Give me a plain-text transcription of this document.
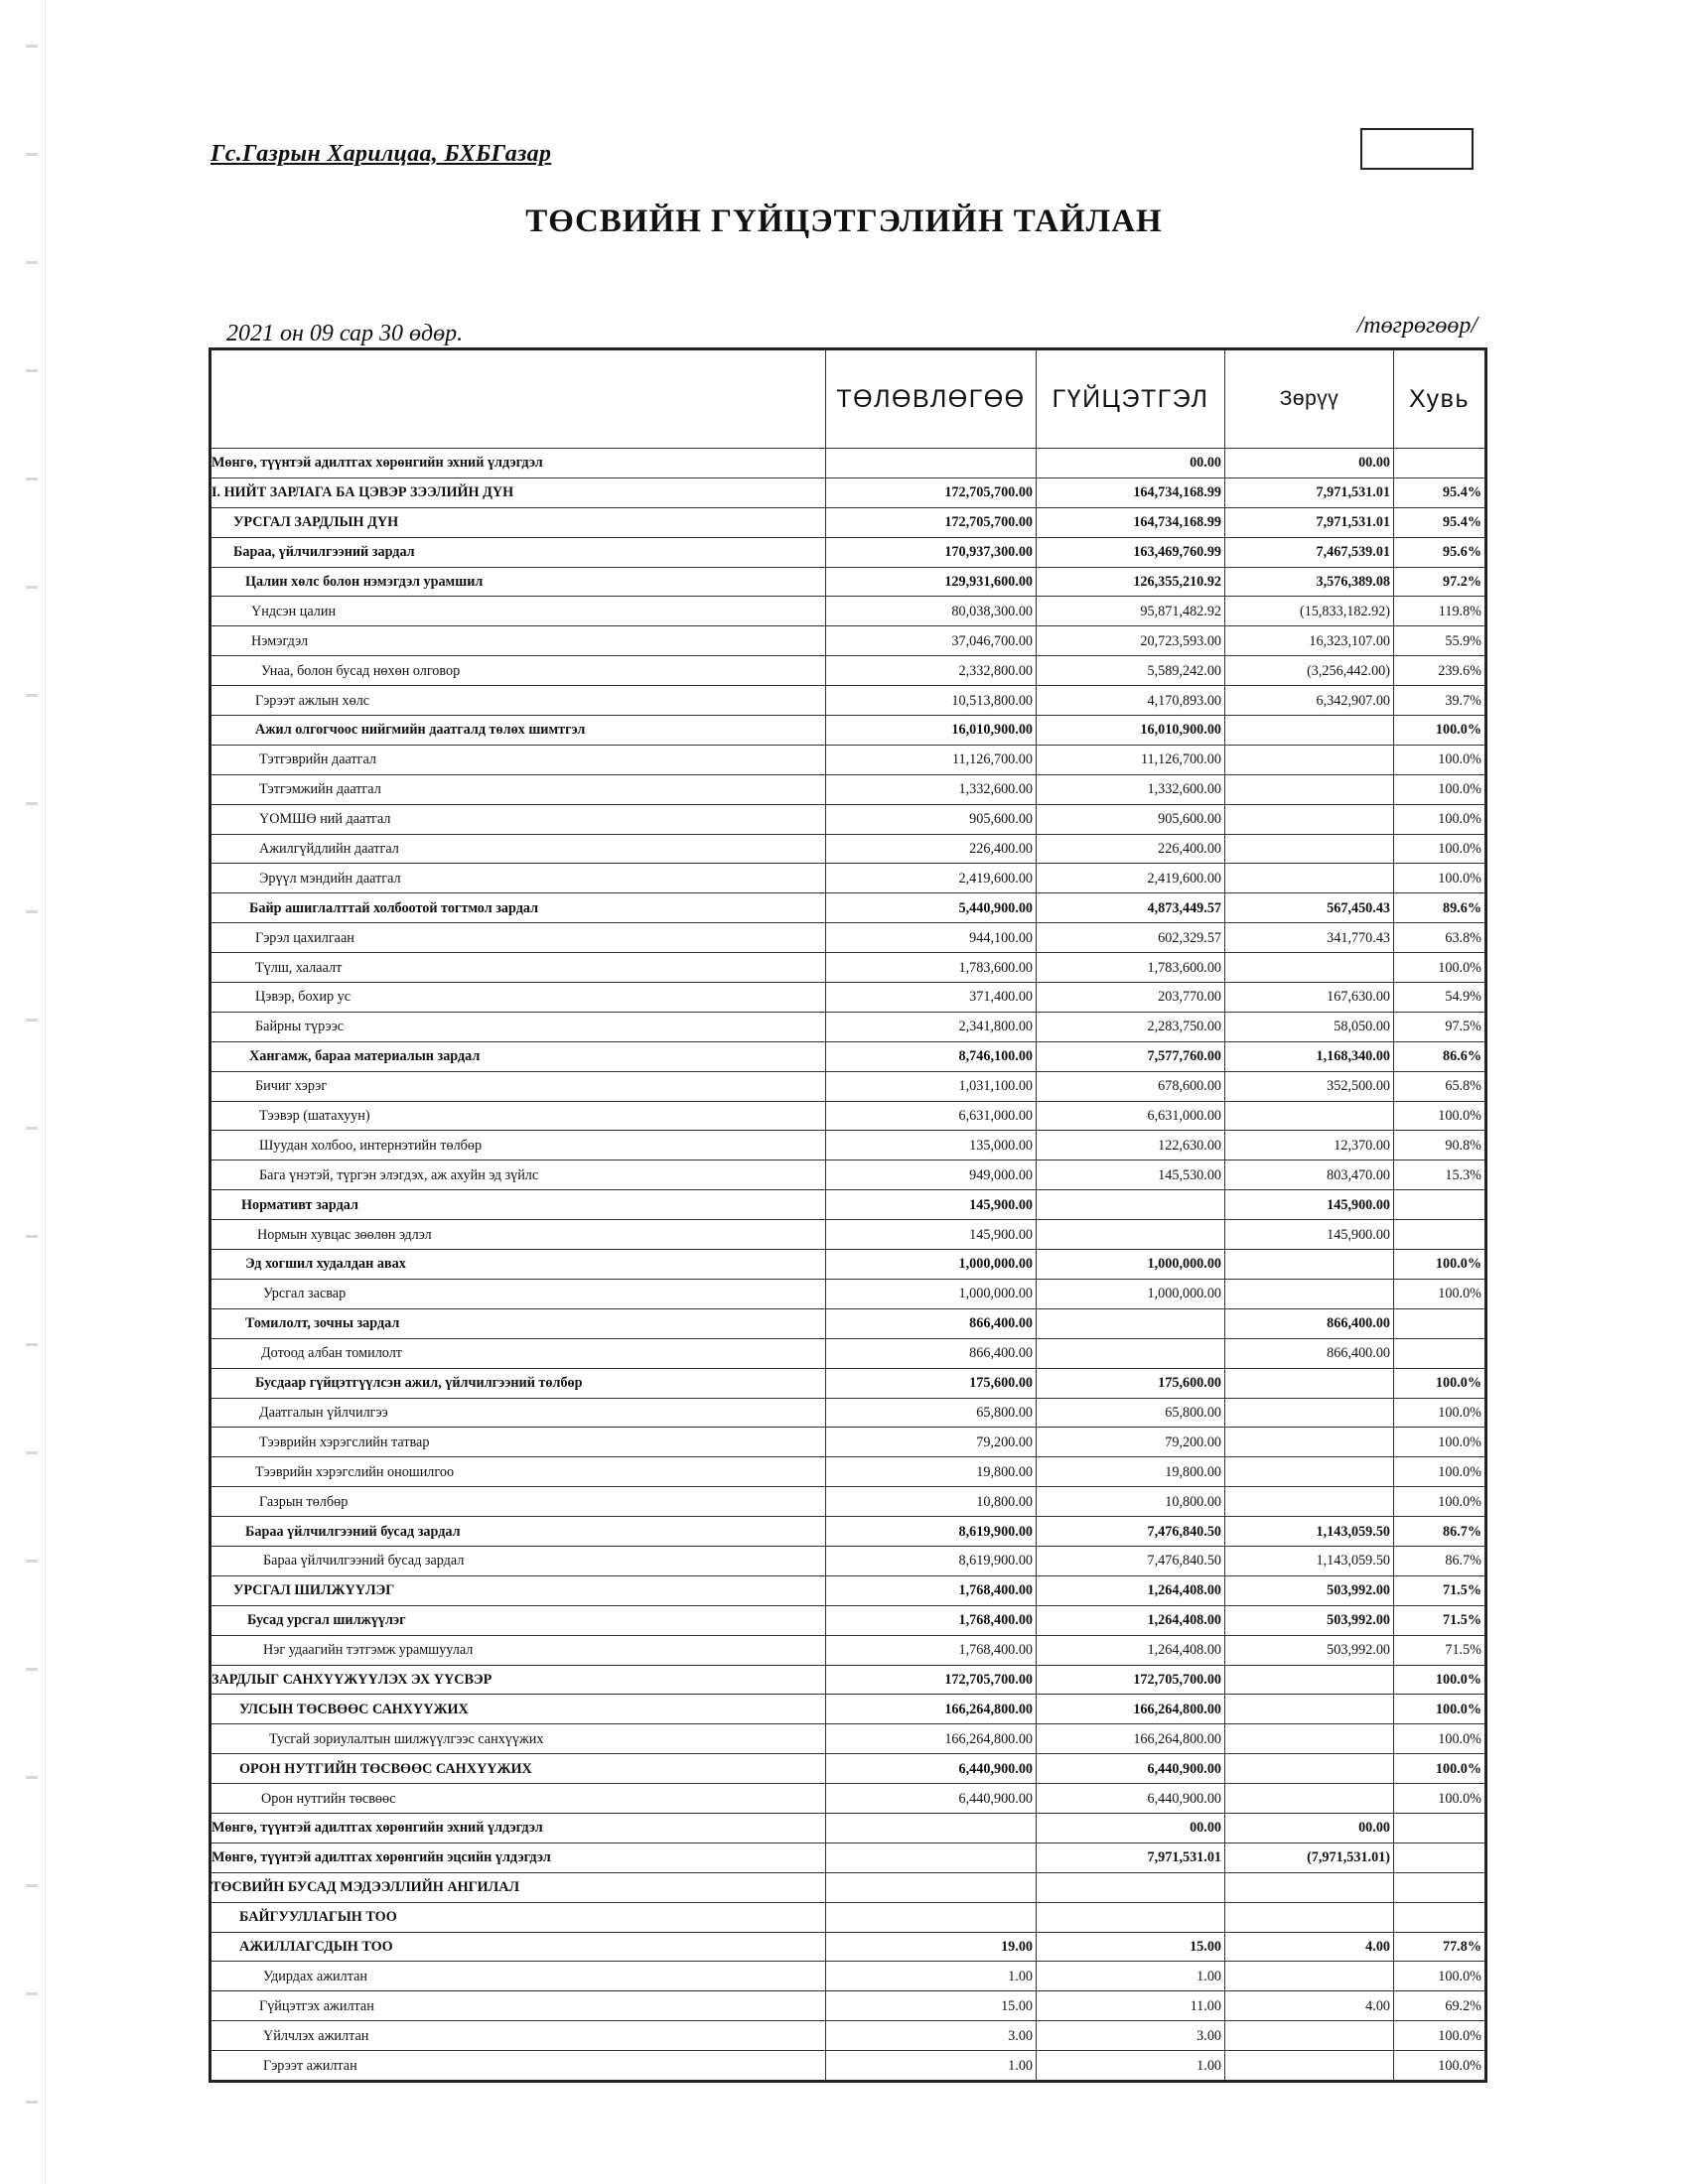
Гс.Газрын Харилцаа, БХБГазар
ТӨСВИЙН ГҮЙЦЭТГЭЛИЙН ТАЙЛАН
2021 он 09 сар 30 өдөр.	/төгрөгөөр/
	ТӨЛӨВЛӨГӨӨ	ГҮЙЦЭТГЭЛ	Зөрүү	Хувь
Мөнгө, түүнтэй адилтгах хөрөнгийн эхний үлдэгдэл		00.00	00.00	
I. НИЙТ ЗАРЛАГА БА ЦЭВЭР ЗЭЭЛИЙН ДҮН	172,705,700.00	164,734,168.99	7,971,531.01	95.4%
УРСГАЛ ЗАРДЛЫН ДҮН	172,705,700.00	164,734,168.99	7,971,531.01	95.4%
Бараа, үйлчилгээний зардал	170,937,300.00	163,469,760.99	7,467,539.01	95.6%
Цалин хөлс болон нэмэгдэл урамшил	129,931,600.00	126,355,210.92	3,576,389.08	97.2%
Үндсэн цалин	80,038,300.00	95,871,482.92	(15,833,182.92)	119.8%
Нэмэгдэл	37,046,700.00	20,723,593.00	16,323,107.00	55.9%
Унаа, болон бусад нөхөн олговор	2,332,800.00	5,589,242.00	(3,256,442.00)	239.6%
Гэрээт ажлын хөлс	10,513,800.00	4,170,893.00	6,342,907.00	39.7%
Ажил олгогчоос нийгмийн даатгалд төлөх шимтгэл	16,010,900.00	16,010,900.00		100.0%
Тэтгэврийн даатгал	11,126,700.00	11,126,700.00		100.0%
Тэтгэмжийн даатгал	1,332,600.00	1,332,600.00		100.0%
ҮОМШӨ ний даатгал	905,600.00	905,600.00		100.0%
Ажилгүйдлийн даатгал	226,400.00	226,400.00		100.0%
Эрүүл мэндийн даатгал	2,419,600.00	2,419,600.00		100.0%
Байр ашиглалттай холбоотой тогтмол зардал	5,440,900.00	4,873,449.57	567,450.43	89.6%
Гэрэл цахилгаан	944,100.00	602,329.57	341,770.43	63.8%
Түлш, халаалт	1,783,600.00	1,783,600.00		100.0%
Цэвэр, бохир ус	371,400.00	203,770.00	167,630.00	54.9%
Байрны түрээс	2,341,800.00	2,283,750.00	58,050.00	97.5%
Хангамж, бараа материалын зардал	8,746,100.00	7,577,760.00	1,168,340.00	86.6%
Бичиг хэрэг	1,031,100.00	678,600.00	352,500.00	65.8%
Тээвэр (шатахуун)	6,631,000.00	6,631,000.00		100.0%
Шуудан холбоо, интернэтийн төлбөр	135,000.00	122,630.00	12,370.00	90.8%
Бага үнэтэй, түргэн элэгдэх, аж ахуйн эд зүйлс	949,000.00	145,530.00	803,470.00	15.3%
Нормативт зардал	145,900.00		145,900.00	
Нормын хувцас зөөлөн эдлэл	145,900.00		145,900.00	
Эд хогшил худалдан авах	1,000,000.00	1,000,000.00		100.0%
Урсгал засвар	1,000,000.00	1,000,000.00		100.0%
Томилолт, зочны зардал	866,400.00		866,400.00	
Дотоод албан томилолт	866,400.00		866,400.00	
Бусдаар гүйцэтгүүлсэн ажил, үйлчилгээний төлбөр	175,600.00	175,600.00		100.0%
Даатгалын үйлчилгээ	65,800.00	65,800.00		100.0%
Тээврийн хэрэгслийн татвар	79,200.00	79,200.00		100.0%
Тээврийн хэрэгслийн оношилгоо	19,800.00	19,800.00		100.0%
Газрын төлбөр	10,800.00	10,800.00		100.0%
Бараа үйлчилгээний бусад зардал	8,619,900.00	7,476,840.50	1,143,059.50	86.7%
Бараа үйлчилгээний бусад зардал	8,619,900.00	7,476,840.50	1,143,059.50	86.7%
УРСГАЛ ШИЛЖҮҮЛЭГ	1,768,400.00	1,264,408.00	503,992.00	71.5%
Бусад урсгал шилжүүлэг	1,768,400.00	1,264,408.00	503,992.00	71.5%
Нэг удаагийн тэтгэмж урамшуулал	1,768,400.00	1,264,408.00	503,992.00	71.5%
ЗАРДЛЫГ САНХҮҮЖҮҮЛЭХ ЭХ ҮҮСВЭР	172,705,700.00	172,705,700.00		100.0%
УЛСЫН ТӨСВӨӨС САНХҮҮЖИХ	166,264,800.00	166,264,800.00		100.0%
Тусгай зориулалтын шилжүүлгээс санхүүжих	166,264,800.00	166,264,800.00		100.0%
ОРОН НУТГИЙН ТӨСВӨӨС САНХҮҮЖИХ	6,440,900.00	6,440,900.00		100.0%
Орон нутгийн төсвөөс	6,440,900.00	6,440,900.00		100.0%
Мөнгө, түүнтэй адилтгах хөрөнгийн эхний үлдэгдэл		00.00	00.00	
Мөнгө, түүнтэй адилтгах хөрөнгийн эцсийн үлдэгдэл		7,971,531.01	(7,971,531.01)	
ТӨСВИЙН БУСАД МЭДЭЭЛЛИЙН АНГИЛАЛ				
БАЙГУУЛЛАГЫН ТОО				
АЖИЛЛАГСДЫН ТОО	19.00	15.00	4.00	77.8%
Удирдах ажилтан	1.00	1.00		100.0%
Гүйцэтгэх ажилтан	15.00	11.00	4.00	69.2%
Үйлчлэх ажилтан	3.00	3.00		100.0%
Гэрээт ажилтан	1.00	1.00		100.0%
